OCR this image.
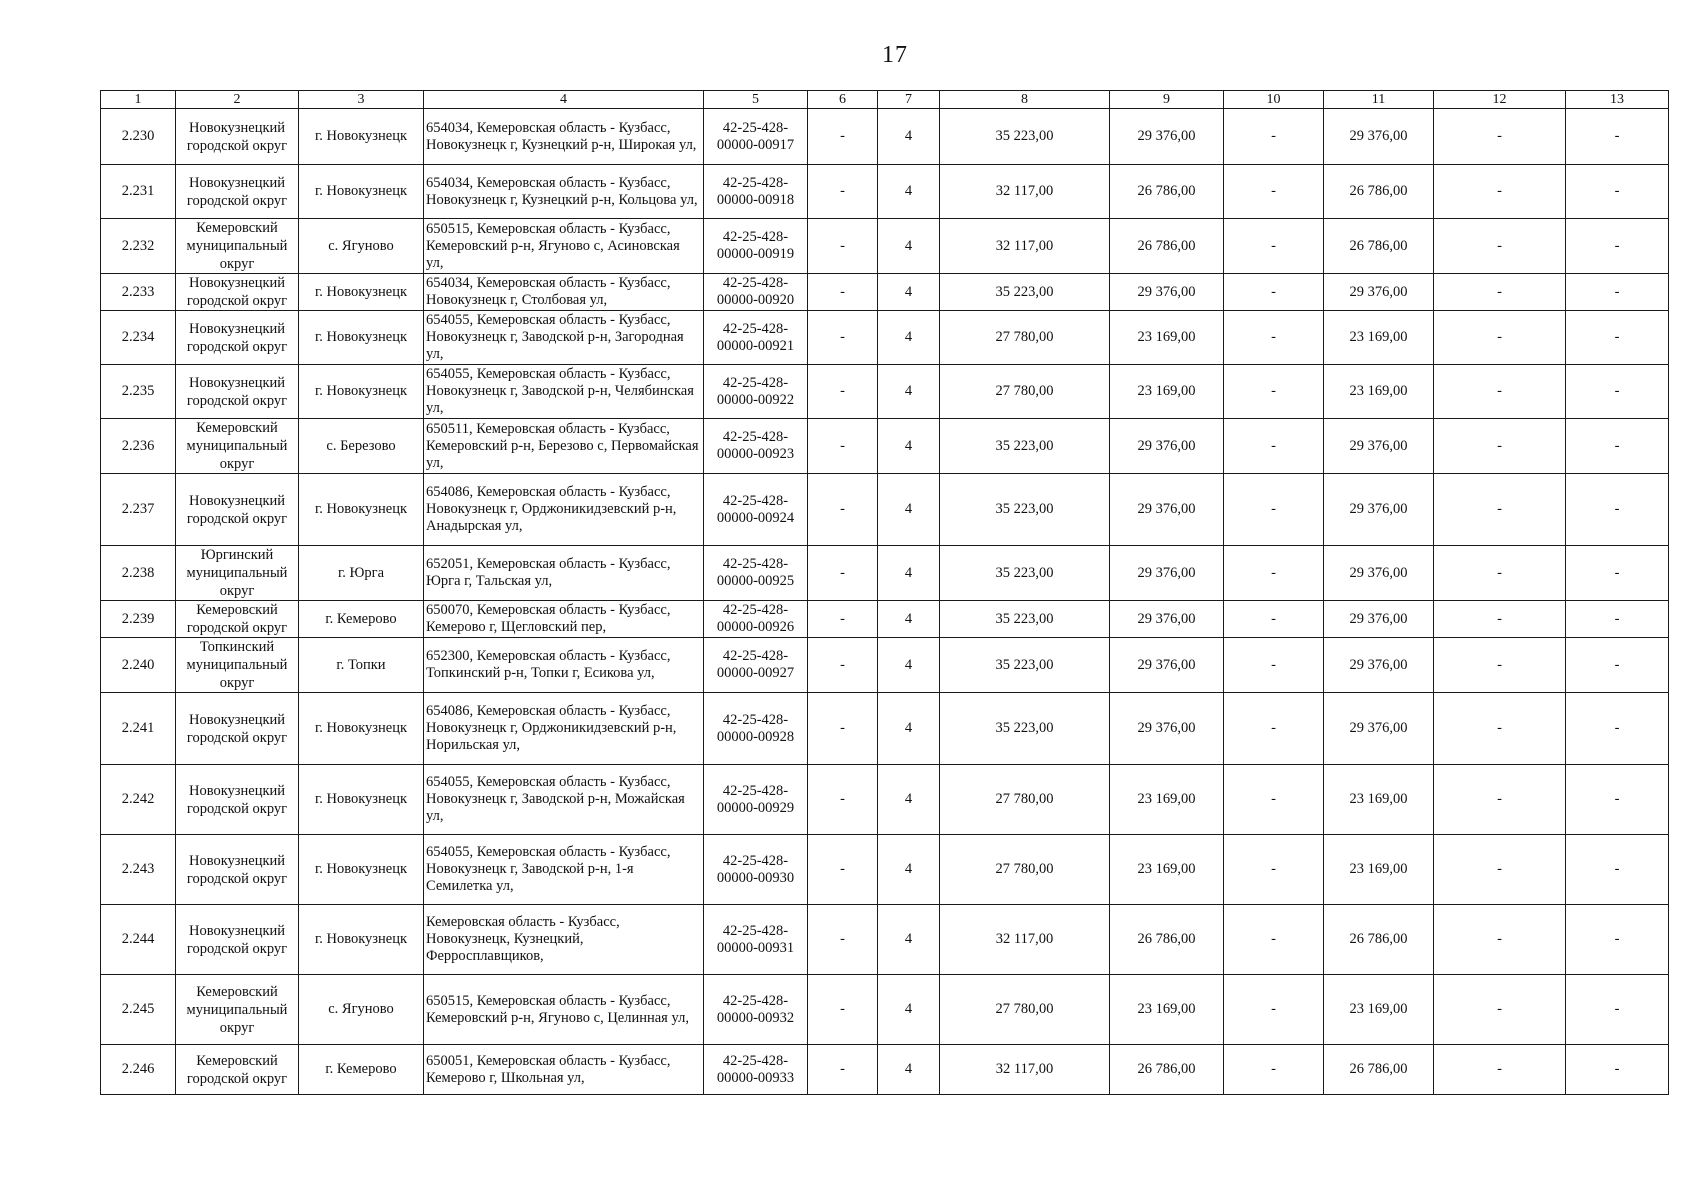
17
1	2	3	4	5	6	7	8	9	10	11	12	13
2.230	Новокузнецкий городской округ	г. Новокузнецк	654034, Кемеровская область - Кузбасс, Новокузнецк г, Кузнецкий р-н, Широкая ул,	42-25-428-00000-00917	-	4	35 223,00	29 376,00	-	29 376,00	-	-
2.231	Новокузнецкий городской округ	г. Новокузнецк	654034, Кемеровская область - Кузбасс, Новокузнецк г, Кузнецкий р-н, Кольцова ул,	42-25-428-00000-00918	-	4	32 117,00	26 786,00	-	26 786,00	-	-
2.232	Кемеровский муниципальный округ	с. Ягуново	650515, Кемеровская область - Кузбасс, Кемеровский р-н, Ягуново с, Асиновская ул,	42-25-428-00000-00919	-	4	32 117,00	26 786,00	-	26 786,00	-	-
2.233	Новокузнецкий городской округ	г. Новокузнецк	654034, Кемеровская область - Кузбасс, Новокузнецк г, Столбовая ул,	42-25-428-00000-00920	-	4	35 223,00	29 376,00	-	29 376,00	-	-
2.234	Новокузнецкий городской округ	г. Новокузнецк	654055, Кемеровская область - Кузбасс, Новокузнецк г, Заводской р-н, Загородная ул,	42-25-428-00000-00921	-	4	27 780,00	23 169,00	-	23 169,00	-	-
2.235	Новокузнецкий городской округ	г. Новокузнецк	654055, Кемеровская область - Кузбасс, Новокузнецк г, Заводской р-н, Челябинская ул,	42-25-428-00000-00922	-	4	27 780,00	23 169,00	-	23 169,00	-	-
2.236	Кемеровский муниципальный округ	с. Березово	650511, Кемеровская область - Кузбасс, Кемеровский р-н, Березово с, Первомайская ул,	42-25-428-00000-00923	-	4	35 223,00	29 376,00	-	29 376,00	-	-
2.237	Новокузнецкий городской округ	г. Новокузнецк	654086, Кемеровская область - Кузбасс, Новокузнецк г, Орджоникидзевский р-н, Анадырская ул,	42-25-428-00000-00924	-	4	35 223,00	29 376,00	-	29 376,00	-	-
2.238	Юргинский муниципальный округ	г. Юрга	652051, Кемеровская область - Кузбасс, Юрга г, Тальская ул,	42-25-428-00000-00925	-	4	35 223,00	29 376,00	-	29 376,00	-	-
2.239	Кемеровский городской округ	г. Кемерово	650070, Кемеровская область - Кузбасс, Кемерово г, Щегловский пер,	42-25-428-00000-00926	-	4	35 223,00	29 376,00	-	29 376,00	-	-
2.240	Топкинский муниципальный округ	г. Топки	652300, Кемеровская область - Кузбасс, Топкинский р-н, Топки г, Есикова ул,	42-25-428-00000-00927	-	4	35 223,00	29 376,00	-	29 376,00	-	-
2.241	Новокузнецкий городской округ	г. Новокузнецк	654086, Кемеровская область - Кузбасс, Новокузнецк г, Орджоникидзевский р-н, Норильская ул,	42-25-428-00000-00928	-	4	35 223,00	29 376,00	-	29 376,00	-	-
2.242	Новокузнецкий городской округ	г. Новокузнецк	654055, Кемеровская область - Кузбасс, Новокузнецк г, Заводской р-н, Можайская ул,	42-25-428-00000-00929	-	4	27 780,00	23 169,00	-	23 169,00	-	-
2.243	Новокузнецкий городской округ	г. Новокузнецк	654055, Кемеровская область - Кузбасс, Новокузнецк г, Заводской р-н, 1-я Семилетка ул,	42-25-428-00000-00930	-	4	27 780,00	23 169,00	-	23 169,00	-	-
2.244	Новокузнецкий городской округ	г. Новокузнецк	Кемеровская область - Кузбасс, Новокузнецк, Кузнецкий, Ферросплавщиков,	42-25-428-00000-00931	-	4	32 117,00	26 786,00	-	26 786,00	-	-
2.245	Кемеровский муниципальный округ	с. Ягуново	650515, Кемеровская область - Кузбасс, Кемеровский р-н, Ягуново с, Целинная ул,	42-25-428-00000-00932	-	4	27 780,00	23 169,00	-	23 169,00	-	-
2.246	Кемеровский городской округ	г. Кемерово	650051, Кемеровская область - Кузбасс, Кемерово г, Школьная ул,	42-25-428-00000-00933	-	4	32 117,00	26 786,00	-	26 786,00	-	-
